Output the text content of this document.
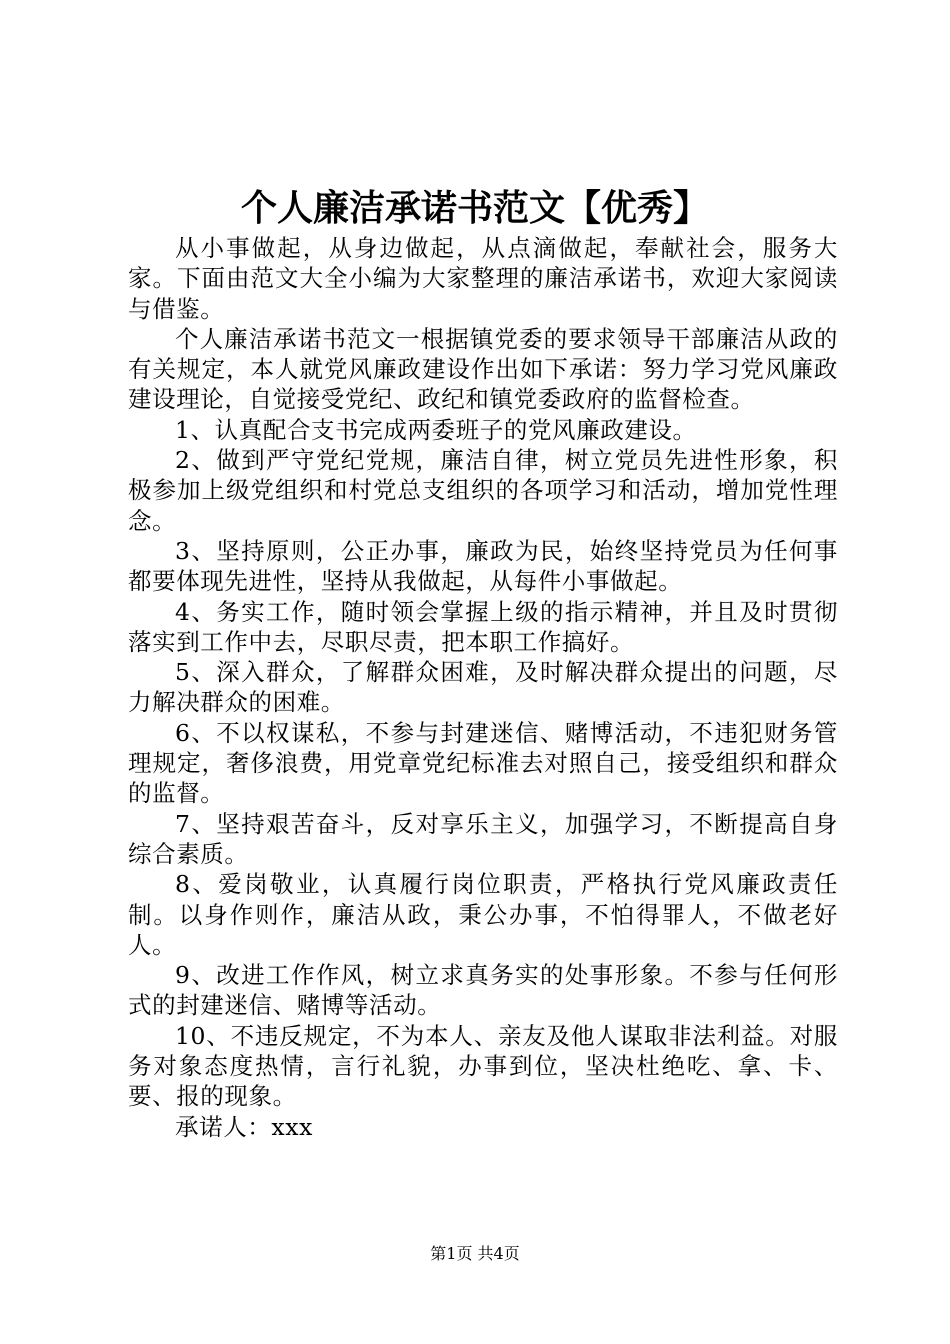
个人廉洁承诺书范文【优秀】

从小事做起，从身边做起，从点滴做起，奉献社会，服务大家。下面由范文大全小编为大家整理的廉洁承诺书，欢迎大家阅读与借鉴。

个人廉洁承诺书范文一根据镇党委的要求领导干部廉洁从政的有关规定，本人就党风廉政建设作出如下承诺：努力学习党风廉政建设理论，自觉接受党纪、政纪和镇党委政府的监督检查。

1、认真配合支书完成两委班子的党风廉政建设。

2、做到严守党纪党规，廉洁自律，树立党员先进性形象，积极参加上级党组织和村党总支组织的各项学习和活动，增加党性理念。

3、坚持原则，公正办事，廉政为民，始终坚持党员为任何事都要体现先进性，坚持从我做起，从每件小事做起。

4、务实工作，随时领会掌握上级的指示精神，并且及时贯彻落实到工作中去，尽职尽责，把本职工作搞好。

5、深入群众，了解群众困难，及时解决群众提出的问题，尽力解决群众的困难。

6、不以权谋私，不参与封建迷信、赌博活动，不违犯财务管理规定，奢侈浪费，用党章党纪标准去对照自己，接受组织和群众的监督。

7、坚持艰苦奋斗，反对享乐主义，加强学习，不断提高自身综合素质。

8、爱岗敬业，认真履行岗位职责，严格执行党风廉政责任制。以身作则作，廉洁从政，秉公办事，不怕得罪人，不做老好人。

9、改进工作作风，树立求真务实的处事形象。不参与任何形式的封建迷信、赌博等活动。

10、不违反规定，不为本人、亲友及他人谋取非法利益。对服务对象态度热情，言行礼貌，办事到位，坚决杜绝吃、拿、卡、要、报的现象。

承诺人：xxx

第1页 共4页
